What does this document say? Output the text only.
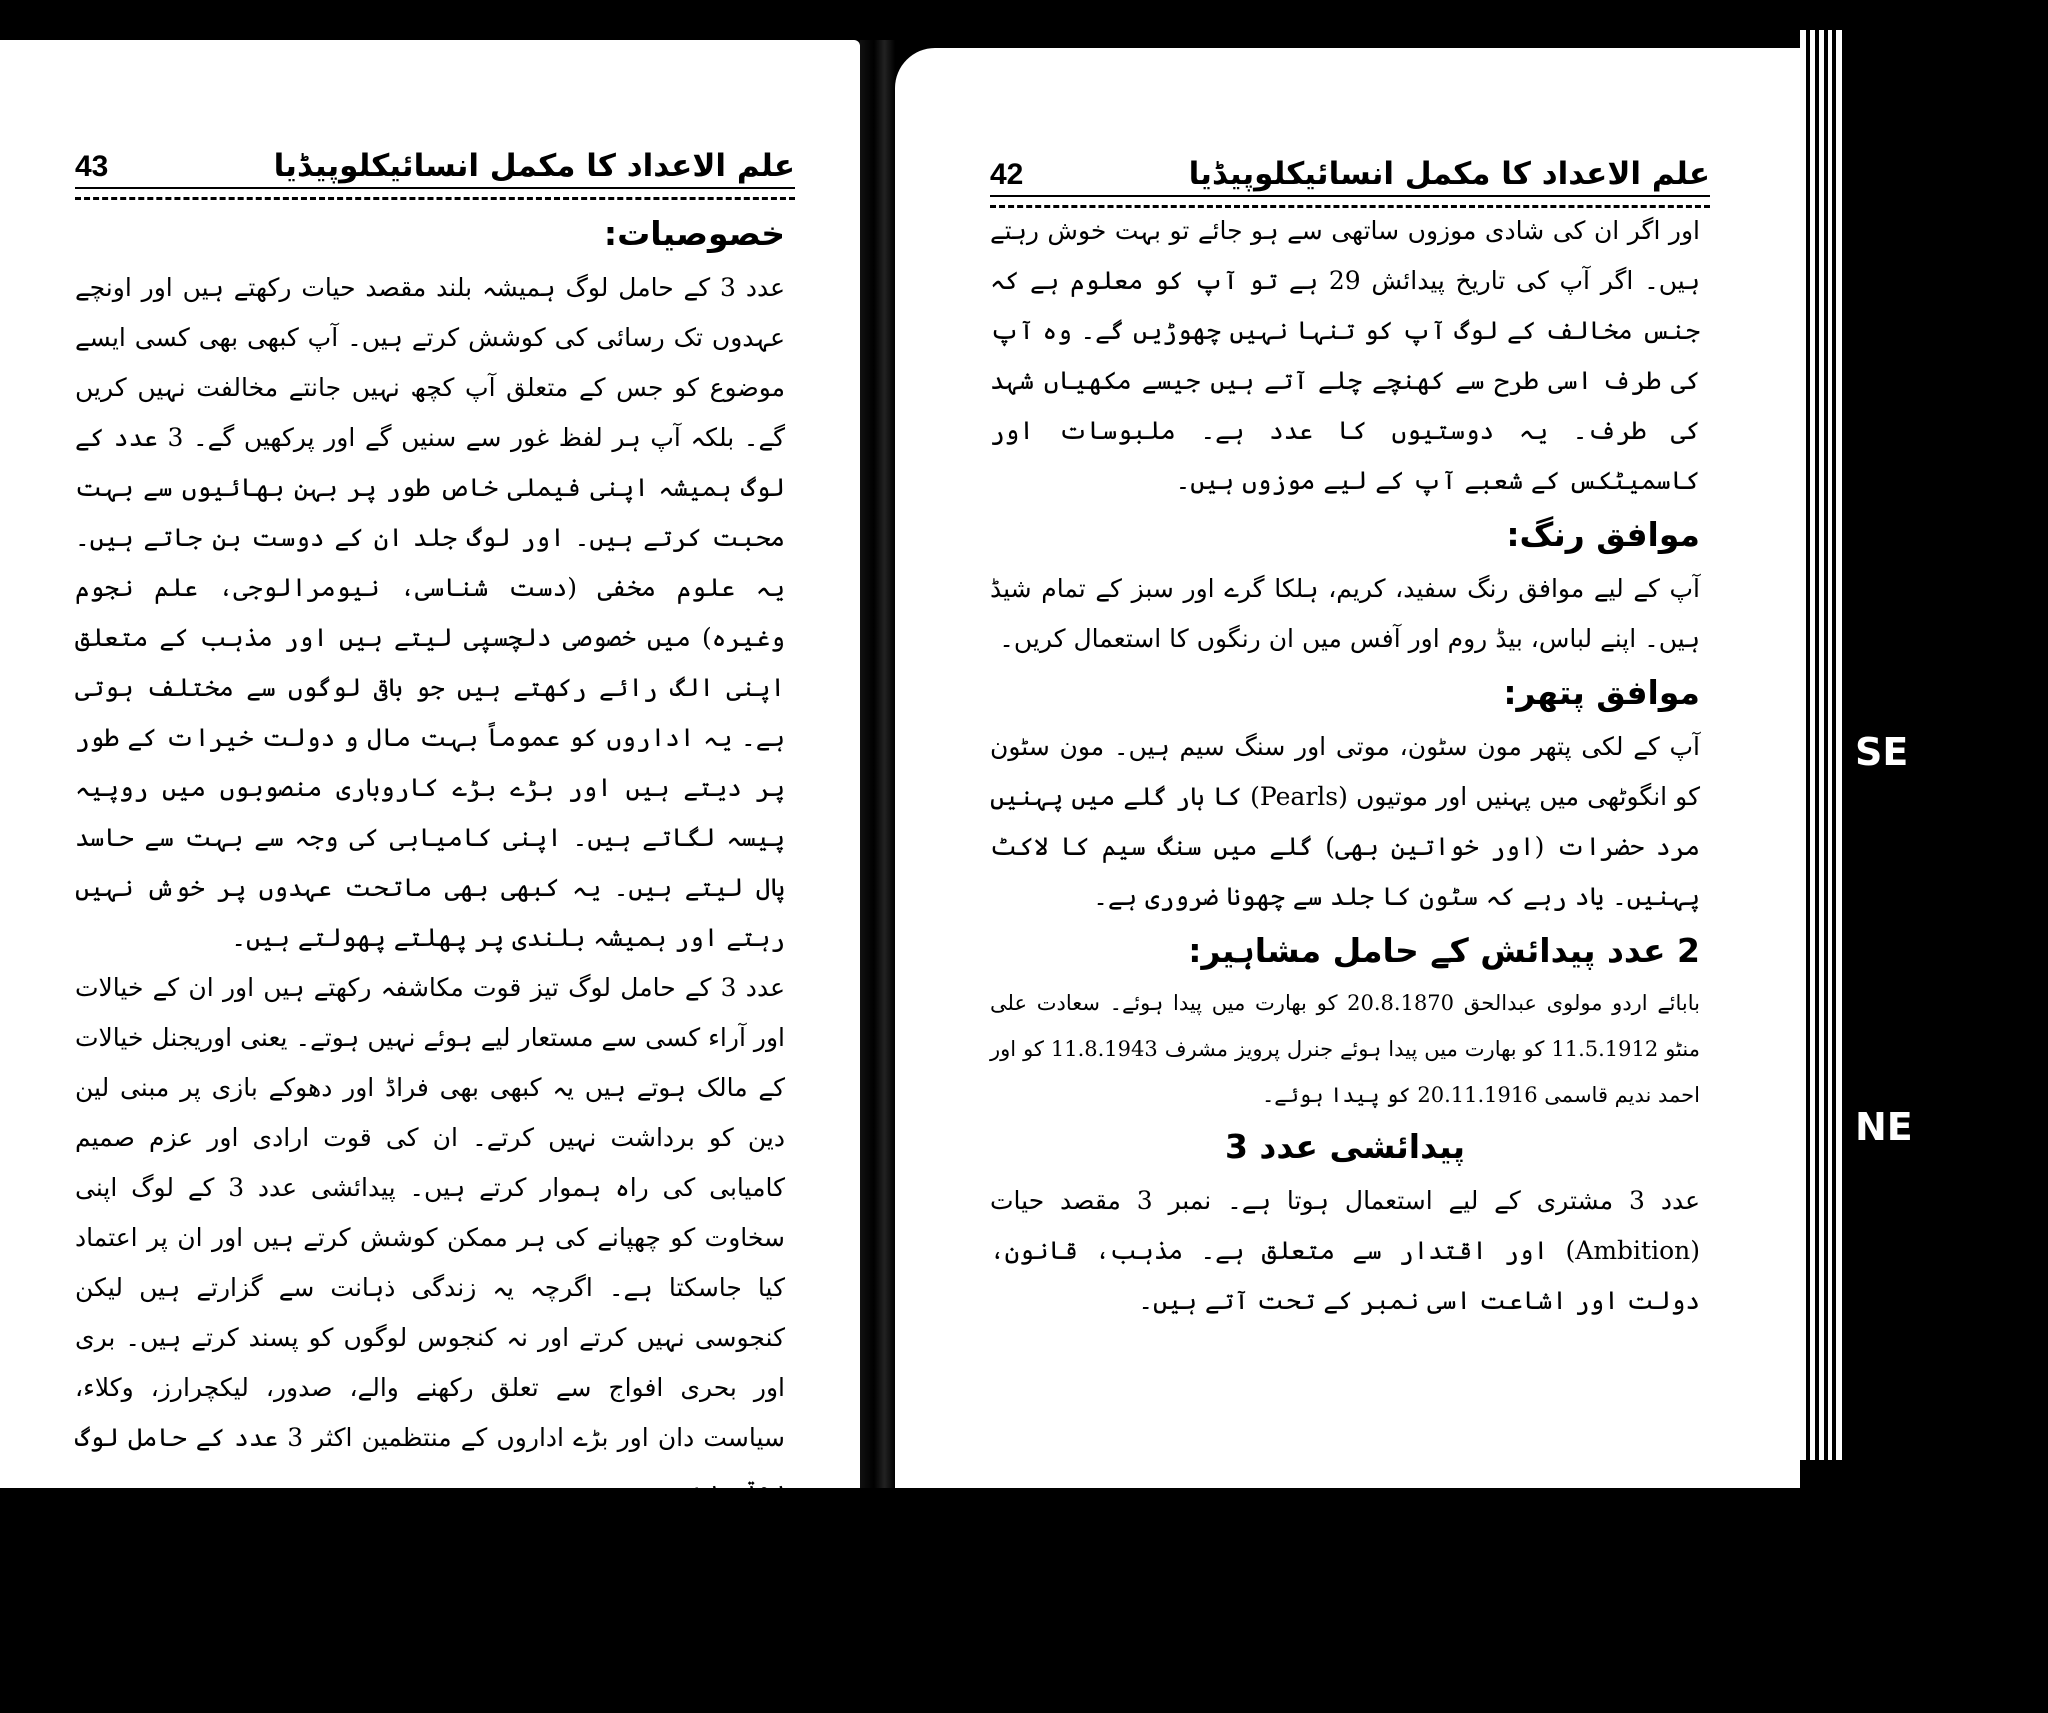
علم الاعداد کا مکمل انسائیکلوپیڈیا
43
خصوصیات:

عدد 3 کے حامل لوگ ہمیشہ بلند مقصد حیات رکھتے ہیں اور اونچے عہدوں تک رسائی کی کوشش کرتے ہیں۔ آپ کبھی بھی کسی ایسے موضوع کو جس کے متعلق آپ کچھ نہیں جانتے مخالفت نہیں کریں گے۔ بلکہ آپ ہر لفظ غور سے سنیں گے اور پرکھیں گے۔ 3 عدد کے لوگ ہمیشہ اپنی فیملی خاص طور پر بہن بھائیوں سے بہت محبت کرتے ہیں۔ اور لوگ جلد ان کے دوست بن جاتے ہیں۔ یہ علوم مخفی (دست شناسی، نیومرالوجی، علم نجوم وغیرہ) میں خصوصی دلچسپی لیتے ہیں اور مذہب کے متعلق اپنی الگ رائے رکھتے ہیں جو باقی لوگوں سے مختلف ہوتی ہے۔ یہ اداروں کو عموماً بہت مال و دولت خیرات کے طور پر دیتے ہیں اور بڑے بڑے کاروباری منصوبوں میں روپیہ پیسہ لگاتے ہیں۔ اپنی کامیابی کی وجہ سے بہت سے حاسد پال لیتے ہیں۔ یہ کبھی بھی ماتحت عہدوں پر خوش نہیں رہتے اور ہمیشہ بلندی پر پھلتے پھولتے ہیں۔

عدد 3 کے حامل لوگ تیز قوت مکاشفہ رکھتے ہیں اور ان کے خیالات اور آراء کسی سے مستعار لیے ہوئے نہیں ہوتے۔ یعنی اوریجنل خیالات کے مالک ہوتے ہیں یہ کبھی بھی فراڈ اور دھوکے بازی پر مبنی لین دین کو برداشت نہیں کرتے۔ ان کی قوت ارادی اور عزم صمیم کامیابی کی راہ ہموار کرتے ہیں۔ پیدائشی عدد 3 کے لوگ اپنی سخاوت کو چھپانے کی ہر ممکن کوشش کرتے ہیں اور ان پر اعتماد کیا جاسکتا ہے۔ اگرچہ یہ زندگی ذہانت سے گزارتے ہیں لیکن کنجوسی نہیں کرتے اور نہ کنجوس لوگوں کو پسند کرتے ہیں۔ بری اور بحری افواج سے تعلق رکھنے والے، صدور، لیکچرارز، وکلاء، سیاست دان اور بڑے اداروں کے منتظمین اکثر 3 عدد کے حامل لوگ ہوتے ہیں۔

12 تاریخ کو پیدا ہونے والے لوگ 3 نمبر گروپ میں بدقسمت گردانے جاتے ہیں۔ ان لوگوں کو دوسرے لوگ اپنے مفاد کے لیے استعمال کرتے ہیں۔ قطع نظر اس کے کہ وہ کتنا کماتے ہیں ان کو ہمیشہ کسی نہ کسی مالی امداد کے طالب

علم الاعداد کا مکمل انسائیکلوپیڈیا
42

اور اگر ان کی شادی موزوں ساتھی سے ہو جائے تو بہت خوش رہتے ہیں۔ اگر آپ کی تاریخ پیدائش 29 ہے تو آپ کو معلوم ہے کہ جنس مخالف کے لوگ آپ کو تنہا نہیں چھوڑیں گے۔ وہ آپ کی طرف اسی طرح سے کھنچے چلے آتے ہیں جیسے مکھیاں شہد کی طرف۔ یہ دوستیوں کا عدد ہے۔ ملبوسات اور کاسمیٹکس کے شعبے آپ کے لیے موزوں ہیں۔

موافق رنگ:

آپ کے لیے موافق رنگ سفید، کریم، ہلکا گرے اور سبز کے تمام شیڈ ہیں۔ اپنے لباس، بیڈ روم اور آفس میں ان رنگوں کا استعمال کریں۔

موافق پتھر:

آپ کے لکی پتھر مون سٹون، موتی اور سنگ سیم ہیں۔ مون سٹون کو انگوٹھی میں پہنیں اور موتیوں (Pearls) کا ہار گلے میں پہنیں مرد حضرات (اور خواتین بھی) گلے میں سنگ سیم کا لاکٹ پہنیں۔ یاد رہے کہ سٹون کا جلد سے چھونا ضروری ہے۔

2 عدد پیدائش کے حامل مشاہیر:

بابائے اردو مولوی عبدالحق 20.8.1870 کو بھارت میں پیدا ہوئے۔ سعادت علی منٹو 11.5.1912 کو بھارت میں پیدا ہوئے جنرل پرویز مشرف 11.8.1943 کو اور احمد ندیم قاسمی 20.11.1916 کو پیدا ہوئے۔

پیدائشی عدد 3

عدد 3 مشتری کے لیے استعمال ہوتا ہے۔ نمبر 3 مقصد حیات (Ambition) اور اقتدار سے متعلق ہے۔ مذہب، قانون، دولت اور اشاعت اسی نمبر کے تحت آتے ہیں۔

SE
NE
